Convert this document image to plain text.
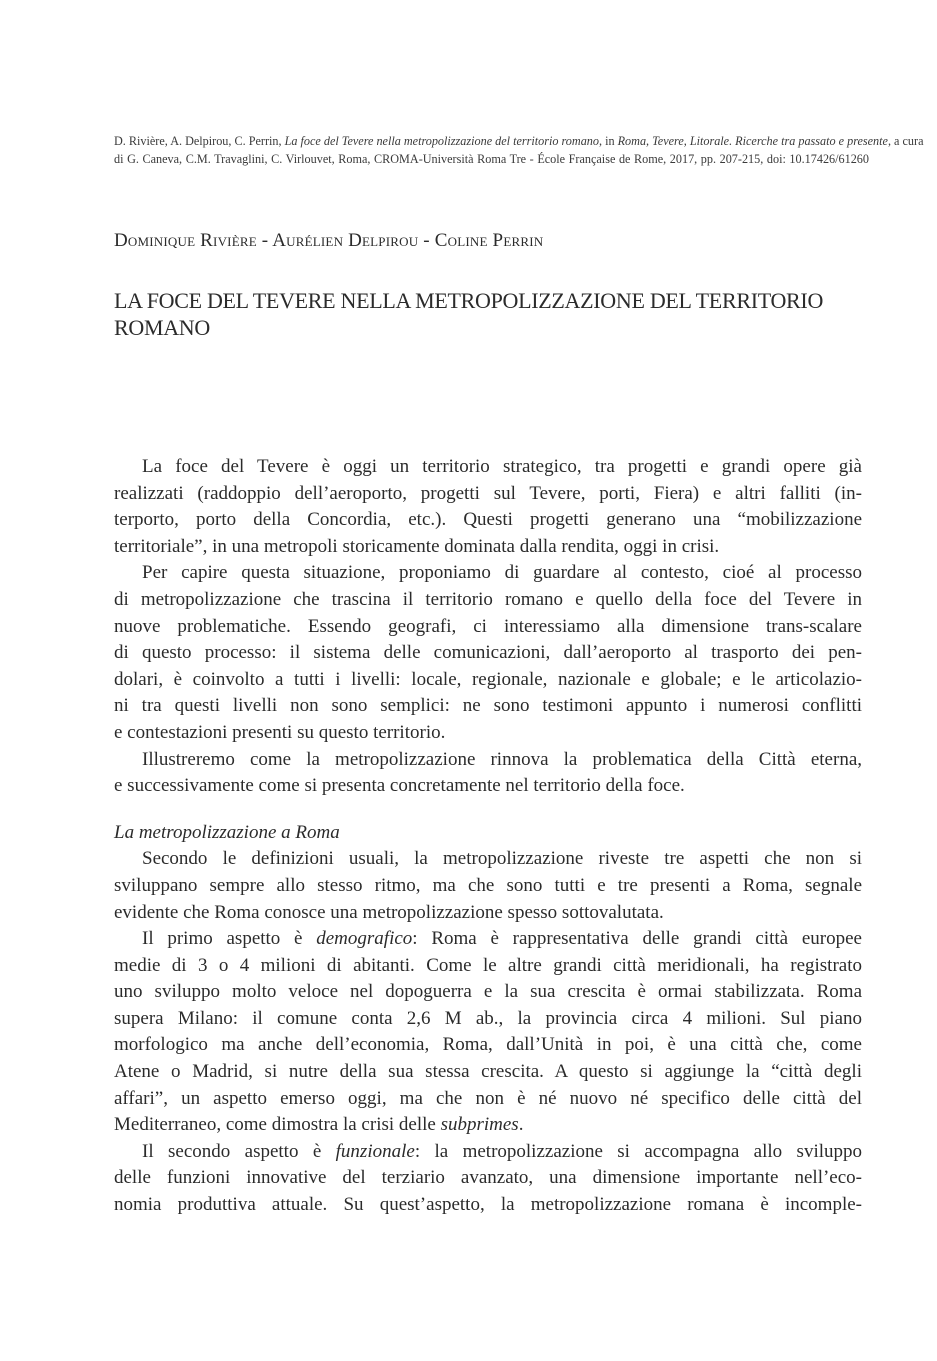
D. Rivière, A. Delpirou, C. Perrin, La foce del Tevere nella metropolizzazione del territorio romano, in Roma, Tevere, Litorale. Ricerche tra passato e presente, a cura
di G. Caneva, C.M. Travaglini, C. Virlouvet, Roma, CROMA-Università Roma Tre - École Française de Rome, 2017, pp. 207-215, doi: 10.17426/61260
Dominique Rivière - Aurélien Delpirou - Coline Perrin
LA FOCE DEL TEVERE NELLA METROPOLIZZAZIONE DEL TERRITORIO
ROMANO
La foce del Tevere è oggi un territorio strategico, tra progetti e grandi opere già
realizzati (raddoppio dell’aeroporto, progetti sul Tevere, porti, Fiera) e altri falliti (in-
terporto, porto della Concordia, etc.). Questi progetti generano una “mobilizzazione
territoriale”, in una metropoli storicamente dominata dalla rendita, oggi in crisi.
Per capire questa situazione, proponiamo di guardare al contesto, cioé al processo
di metropolizzazione che trascina il territorio romano e quello della foce del Tevere in
nuove problematiche. Essendo geografi, ci interessiamo alla dimensione trans-scalare
di questo processo: il sistema delle comunicazioni, dall’aeroporto al trasporto dei pen-
dolari, è coinvolto a tutti i livelli: locale, regionale, nazionale e globale; e le articolazio-
ni tra questi livelli non sono semplici: ne sono testimoni appunto i numerosi conflitti
e contestazioni presenti su questo territorio.
Illustreremo come la metropolizzazione rinnova la problematica della Città eterna,
e successivamente come si presenta concretamente nel territorio della foce.
La metropolizzazione a Roma
Secondo le definizioni usuali, la metropolizzazione riveste tre aspetti che non si
sviluppano sempre allo stesso ritmo, ma che sono tutti e tre presenti a Roma, segnale
evidente che Roma conosce una metropolizzazione spesso sottovalutata.
Il primo aspetto è demografico: Roma è rappresentativa delle grandi città europee
medie di 3 o 4 milioni di abitanti. Come le altre grandi città meridionali, ha registrato
uno sviluppo molto veloce nel dopoguerra e la sua crescita è ormai stabilizzata. Roma
supera Milano: il comune conta 2,6 M ab., la provincia circa 4 milioni. Sul piano
morfologico ma anche dell’economia, Roma, dall’Unità in poi, è una città che, come
Atene o Madrid, si nutre della sua stessa crescita. A questo si aggiunge la “città degli
affari”, un aspetto emerso oggi, ma che non è né nuovo né specifico delle città del
Mediterraneo, come dimostra la crisi delle subprimes.
Il secondo aspetto è funzionale: la metropolizzazione si accompagna allo sviluppo
delle funzioni innovative del terziario avanzato, una dimensione importante nell’eco-
nomia produttiva attuale. Su quest’aspetto, la metropolizzazione romana è incomple-
